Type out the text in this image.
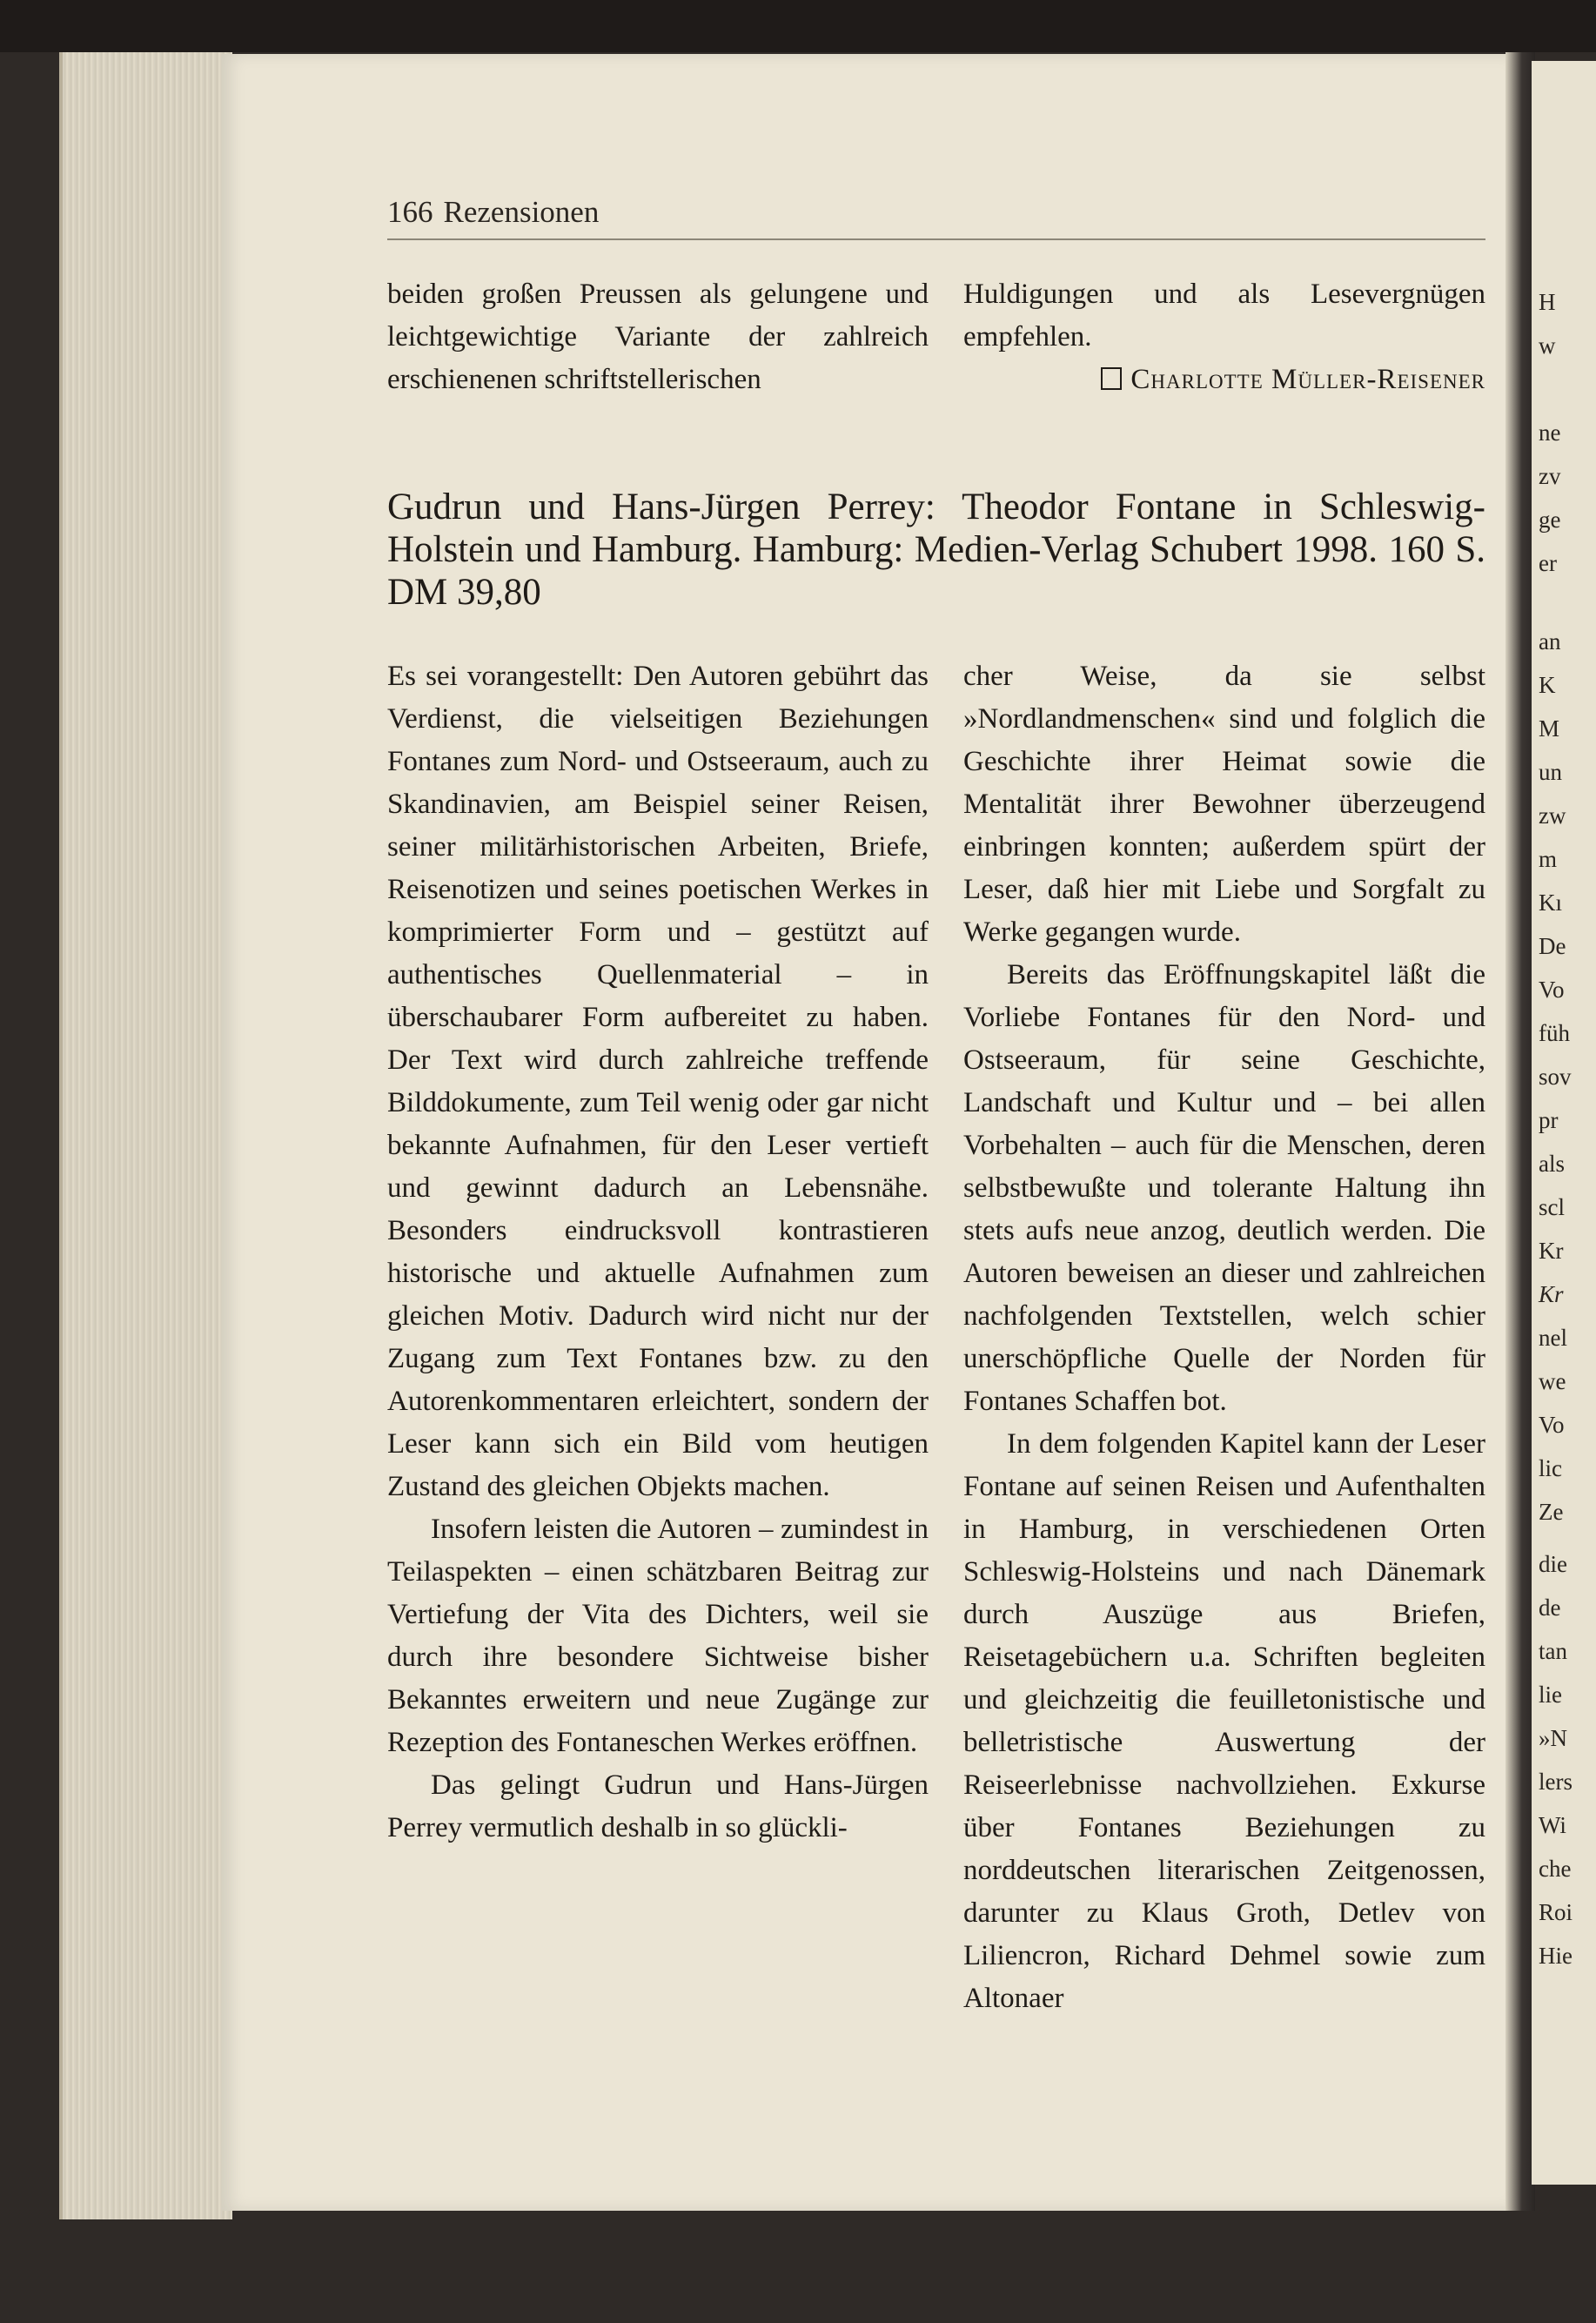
H
w
ne
zv
ge
er
an
K
M
un
zw
m
Kı
De
Vo
füh
sov
pr
als
scl
Kr
Kr
nel
we
Vo
lic
Ze
die
de
tan
lie
»N
lers
Wi
che
Roi
Hie
166 Rezensionen

beiden großen Preussen als gelungene und leichtgewichtige Variante der zahlreich erschienenen schriftstellerischen

Huldigungen und als Lesevergnügen empfehlen.

Charlotte Müller-Reisener
Gudrun und Hans-Jürgen Perrey: Theodor Fontane in Schleswig-Holstein und Hamburg. Hamburg: Medien-Verlag Schubert 1998. 160 S. DM 39,80

Es sei vorangestellt: Den Autoren gebührt das Verdienst, die vielseitigen Beziehungen Fontanes zum Nord- und Ostseeraum, auch zu Skandinavien, am Beispiel seiner Reisen, seiner militärhistorischen Arbeiten, Briefe, Reisenotizen und seines poetischen Werkes in komprimierter Form und – gestützt auf authentisches Quellenmaterial – in überschaubarer Form aufbereitet zu haben. Der Text wird durch zahlreiche treffende Bilddokumente, zum Teil wenig oder gar nicht bekannte Aufnahmen, für den Leser vertieft und gewinnt dadurch an Lebensnähe. Besonders eindrucksvoll kontrastieren historische und aktuelle Aufnahmen zum gleichen Motiv. Dadurch wird nicht nur der Zugang zum Text Fontanes bzw. zu den Autorenkommentaren erleichtert, sondern der Leser kann sich ein Bild vom heutigen Zustand des gleichen Objekts machen.

Insofern leisten die Autoren – zumindest in Teilaspekten – einen schätzbaren Beitrag zur Vertiefung der Vita des Dichters, weil sie durch ihre besondere Sichtweise bisher Bekanntes erweitern und neue Zugänge zur Rezeption des Fontaneschen Werkes eröffnen.

Das gelingt Gudrun und Hans-Jürgen Perrey vermutlich deshalb in so glückli-

cher Weise, da sie selbst »Nordlandmenschen« sind und folglich die Geschichte ihrer Heimat sowie die Mentalität ihrer Bewohner überzeugend einbringen konnten; außerdem spürt der Leser, daß hier mit Liebe und Sorgfalt zu Werke gegangen wurde.

Bereits das Eröffnungskapitel läßt die Vorliebe Fontanes für den Nord- und Ostseeraum, für seine Geschichte, Landschaft und Kultur und – bei allen Vorbehalten – auch für die Menschen, deren selbstbewußte und tolerante Haltung ihn stets aufs neue anzog, deutlich werden. Die Autoren beweisen an dieser und zahlreichen nachfolgenden Textstellen, welch schier unerschöpfliche Quelle der Norden für Fontanes Schaffen bot.

In dem folgenden Kapitel kann der Leser Fontane auf seinen Reisen und Aufenthalten in Hamburg, in verschiedenen Orten Schleswig-Holsteins und nach Dänemark durch Auszüge aus Briefen, Reisetagebüchern u.a. Schriften begleiten und gleichzeitig die feuilletonistische und belletristische Auswertung der Reiseerlebnisse nachvollziehen. Exkurse über Fontanes Beziehungen zu norddeutschen literarischen Zeitgenossen, darunter zu Klaus Groth, Detlev von Liliencron, Richard Dehmel sowie zum Altonaer
